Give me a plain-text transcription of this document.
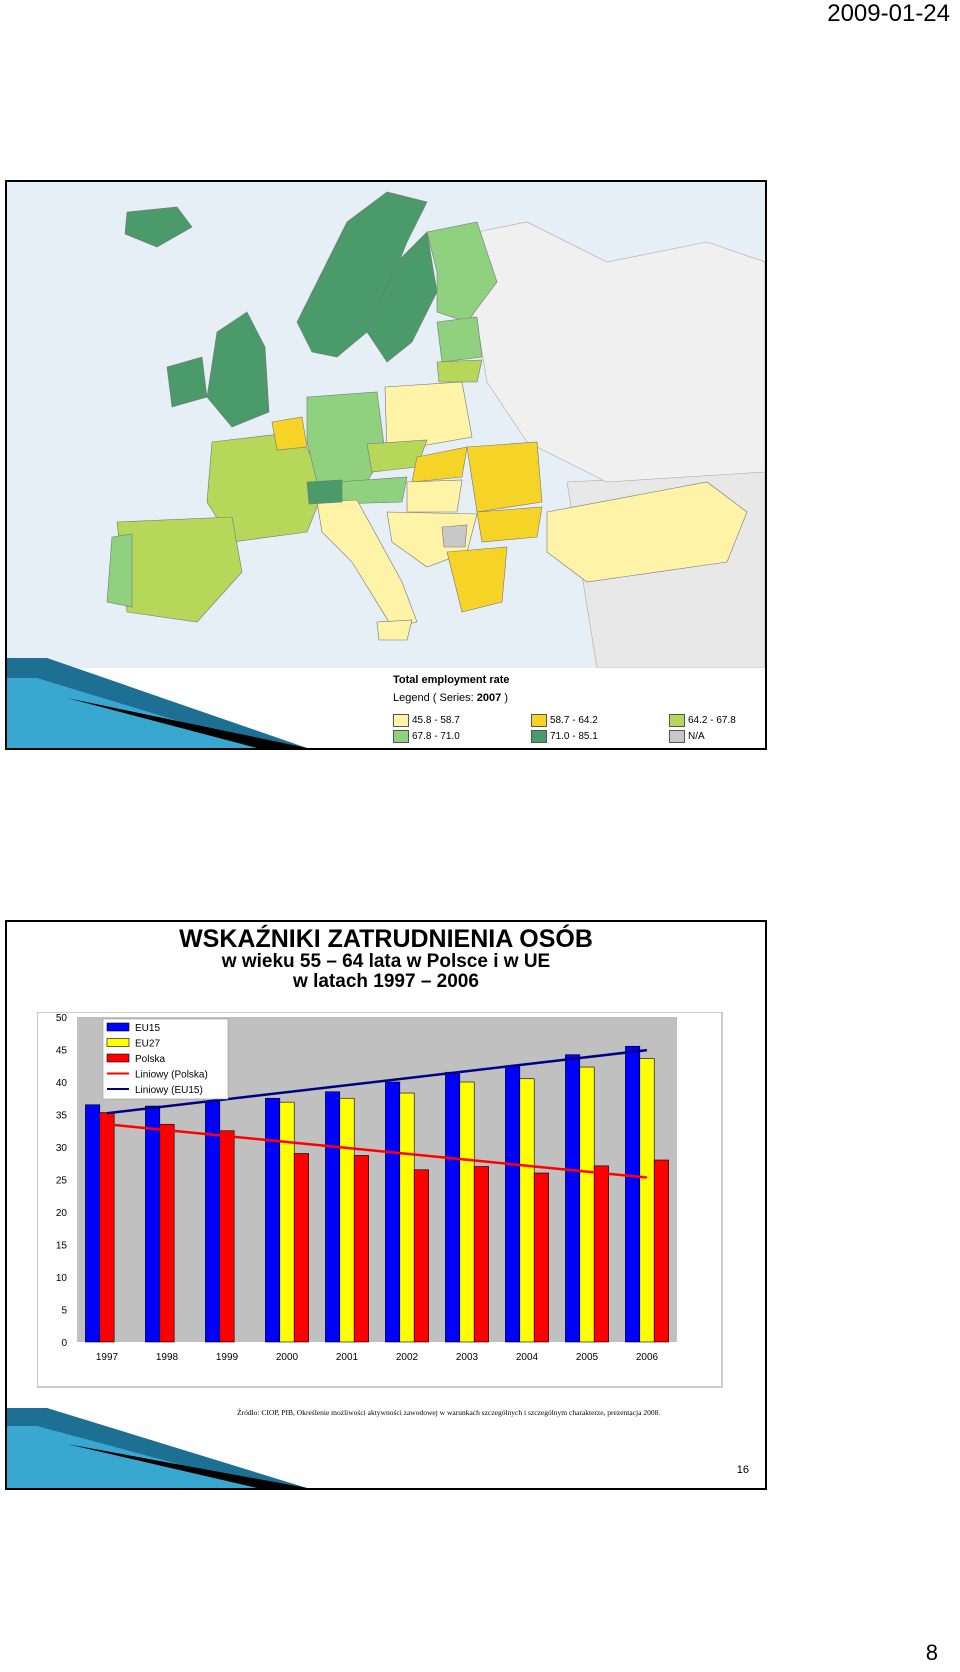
2009-01-24
Total employment rate
Legend ( Series: 2007 )
45.8 - 58.7	58.7 - 64.2	64.2 - 67.8
67.8 - 71.0	71.0 - 85.1	N/A
WSKAŹNIKI ZATRUDNIENIA OSÓB
w wieku 55 – 64 lata w Polsce i w UE
w latach 1997 – 2006
0
5
10
15
20
25
30
35
40
45
50
1997	1998	1999	2000	2001	2002	2003	2004	2005	2006
EU15
EU27
Polska
Liniowy (Polska)
Liniowy (EU15)
Źródło: CIOP, PIB, Określenie możliwości aktywności zawodowej w warunkach szczególnych i szczególnym charakterze, prezentacja 2008.
16
8
